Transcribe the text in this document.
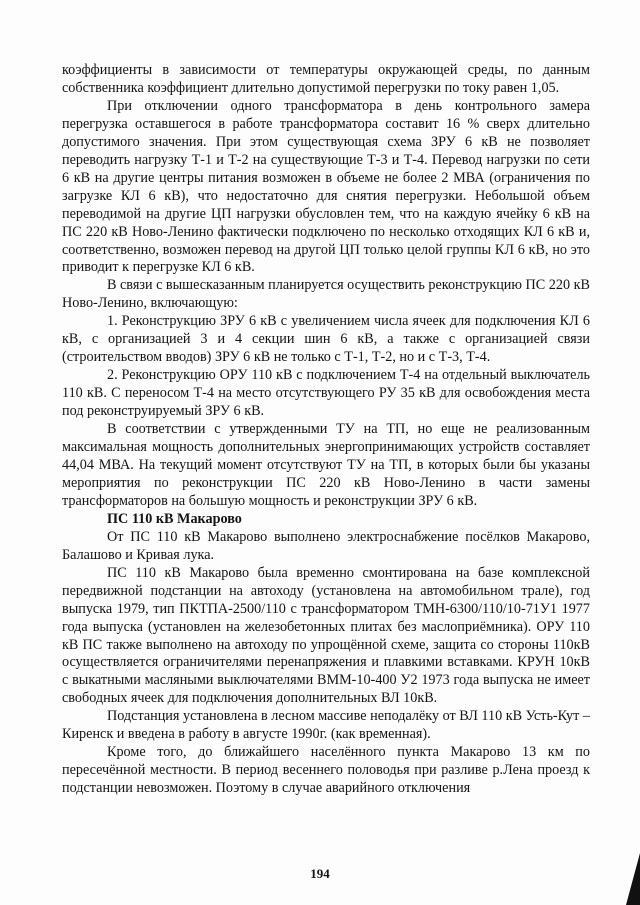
коэффициенты в зависимости от температуры окружающей среды, по данным собственника коэффициент длительно допустимой перегрузки по току равен 1,05.

При отключении одного трансформатора в день контрольного замера перегрузка оставшегося в работе трансформатора составит 16 % сверх длительно допустимого значения. При этом существующая схема ЗРУ 6 кВ не позволяет переводить нагрузку Т-1 и Т-2 на существующие Т-3 и Т-4. Перевод нагрузки по сети 6 кВ на другие центры питания возможен в объеме не более 2 МВА (ограничения по загрузке КЛ 6 кВ), что недостаточно для снятия перегрузки. Небольшой объем переводимой на другие ЦП нагрузки обусловлен тем, что на каждую ячейку 6 кВ на ПС 220 кВ Ново-Ленино фактически подключено по несколько отходящих КЛ 6 кВ и, соответственно, возможен перевод на другой ЦП только целой группы КЛ 6 кВ, но это приводит к перегрузке КЛ 6 кВ.

В связи с вышесказанным планируется осуществить реконструкцию ПС 220 кВ Ново-Ленино, включающую:

1. Реконструкцию ЗРУ 6 кВ с увеличением числа ячеек для подключения КЛ 6 кВ, с организацией 3 и 4 секции шин 6 кВ, а также с организацией связи (строительством вводов) ЗРУ 6 кВ не только с Т-1, Т-2, но и с Т-3, Т-4.

2. Реконструкцию ОРУ 110 кВ с подключением Т-4 на отдельный выключатель 110 кВ. С переносом Т-4 на место отсутствующего РУ 35 кВ для освобождения места под реконструируемый ЗРУ 6 кВ.

В соответствии с утвержденными ТУ на ТП, но еще не реализованным максимальная мощность дополнительных энергопринимающих устройств составляет 44,04 МВА. На текущий момент отсутствуют ТУ на ТП, в которых были бы указаны мероприятия по реконструкции ПС 220 кВ Ново-Ленино в части замены трансформаторов на большую мощность и реконструкции ЗРУ 6 кВ.

ПС 110 кВ Макарово

От ПС 110 кВ Макарово выполнено электроснабжение посёлков Макарово, Балашово и Кривая лука.

ПС 110 кВ Макарово была временно смонтирована на базе комплексной передвижной подстанции на автоходу (установлена на автомобильном трале), год выпуска 1979, тип ПКТПА-2500/110 с трансформатором ТМН-6300/110/10-71У1 1977 года выпуска (установлен на железобетонных плитах без маслоприёмника). ОРУ 110 кВ ПС также выполнено на автоходу по упрощённой схеме, защита со стороны 110кВ осуществляется ограничителями перенапряжения и плавкими вставками. КРУН 10кВ с выкатными масляными выключателями ВММ-10-400 У2 1973 года выпуска не имеет свободных ячеек для подключения дополнительных ВЛ 10кВ.

Подстанция установлена в лесном массиве неподалёку от ВЛ 110 кВ Усть-Кут – Киренск и введена в работу в августе 1990г. (как временная).

Кроме того, до ближайшего населённого пункта Макарово 13 км по пересечённой местности. В период весеннего половодья при разливе р.Лена проезд к подстанции невозможен. Поэтому в случае аварийного отключения

194
